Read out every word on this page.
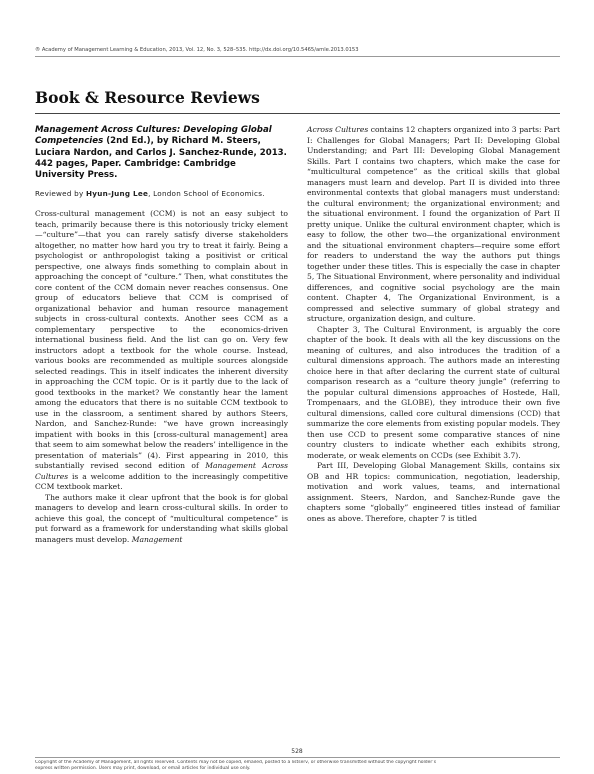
® Academy of Management Learning & Education, 2013, Vol. 12, No. 3, 528–535. http://dx.doi.org/10.5465/amle.2013.0153
Book & Resource Reviews
Management Across Cultures: Developing Global Competencies (2nd Ed.), by Richard M. Steers, Luciara Nardon, and Carlos J. Sanchez-Runde, 2013. 442 pages, Paper. Cambridge: Cambridge University Press.
Reviewed by Hyun-Jung Lee, London School of Economics.

Cross-cultural management (CCM) is not an easy subject to teach, primarily because there is this notoriously tricky element—“culture”—that you can rarely satisfy diverse stakeholders altogether, no matter how hard you try to treat it fairly. Being a psychologist or anthropologist taking a positivist or critical perspective, one always finds something to complain about in approaching the concept of “culture.” Then, what constitutes the core content of the CCM domain never reaches consensus. One group of educators believe that CCM is comprised of organizational behavior and human resource management subjects in cross-cultural contexts. Another sees CCM as a complementary perspective to the economics-driven international business field. And the list can go on. Very few instructors adopt a textbook for the whole course. Instead, various books are recommended as multiple sources alongside selected readings. This in itself indicates the inherent diversity in approaching the CCM topic. Or is it partly due to the lack of good textbooks in the market? We constantly hear the lament among the educators that there is no suitable CCM textbook to use in the classroom, a sentiment shared by authors Steers, Nardon, and Sanchez-Runde: “we have grown increasingly impatient with books in this [cross-cultural management] area that seem to aim somewhat below the readers’ intelligence in the presentation of materials” (4). First appearing in 2010, this substantially revised second edition of Management Across Cultures is a welcome addition to the increasingly competitive CCM textbook market.

The authors make it clear upfront that the book is for global managers to develop and learn cross-cultural skills. In order to achieve this goal, the concept of “multicultural competence” is put forward as a framework for understanding what skills global managers must develop. Management

Across Cultures contains 12 chapters organized into 3 parts: Part I: Challenges for Global Managers; Part II: Developing Global Understanding; and Part III: Developing Global Management Skills. Part I contains two chapters, which make the case for “multicultural competence” as the critical skills that global managers must learn and develop. Part II is divided into three environmental contexts that global managers must understand: the cultural environment; the organizational environment; and the situational environment. I found the organization of Part II pretty unique. Unlike the cultural environment chapter, which is easy to follow, the other two—the organizational environment and the situational environment chapters—require some effort for readers to understand the way the authors put things together under these titles. This is especially the case in chapter 5, The Situational Environment, where personality and individual differences, and cognitive social psychology are the main content. Chapter 4, The Organizational Environment, is a compressed and selective summary of global strategy and structure, organization design, and culture.

Chapter 3, The Cultural Environment, is arguably the core chapter of the book. It deals with all the key discussions on the meaning of cultures, and also introduces the tradition of a cultural dimensions approach. The authors made an interesting choice here in that after declaring the current state of cultural comparison research as a “culture theory jungle” (referring to the popular cultural dimensions approaches of Hostede, Hall, Trompenaars, and the GLOBE), they introduce their own five cultural dimensions, called core cultural dimensions (CCD) that summarize the core elements from existing popular models. They then use CCD to present some comparative stances of nine country clusters to indicate whether each exhibits strong, moderate, or weak elements on CCDs (see Exhibit 3.7).

Part III, Developing Global Management Skills, contains six OB and HR topics: communication, negotiation, leadership, motivation and work values, teams, and international assignment. Steers, Nardon, and Sanchez-Runde gave the chapters some “globally” engineered titles instead of familiar ones as above. Therefore, chapter 7 is titled

528
Copyright of the Academy of Management, all rights reserved. Contents may not be copied, emailed, posted to a listserv, or otherwise transmitted without the copyright holder’s
express written permission. Users may print, download, or email articles for individual use only.
